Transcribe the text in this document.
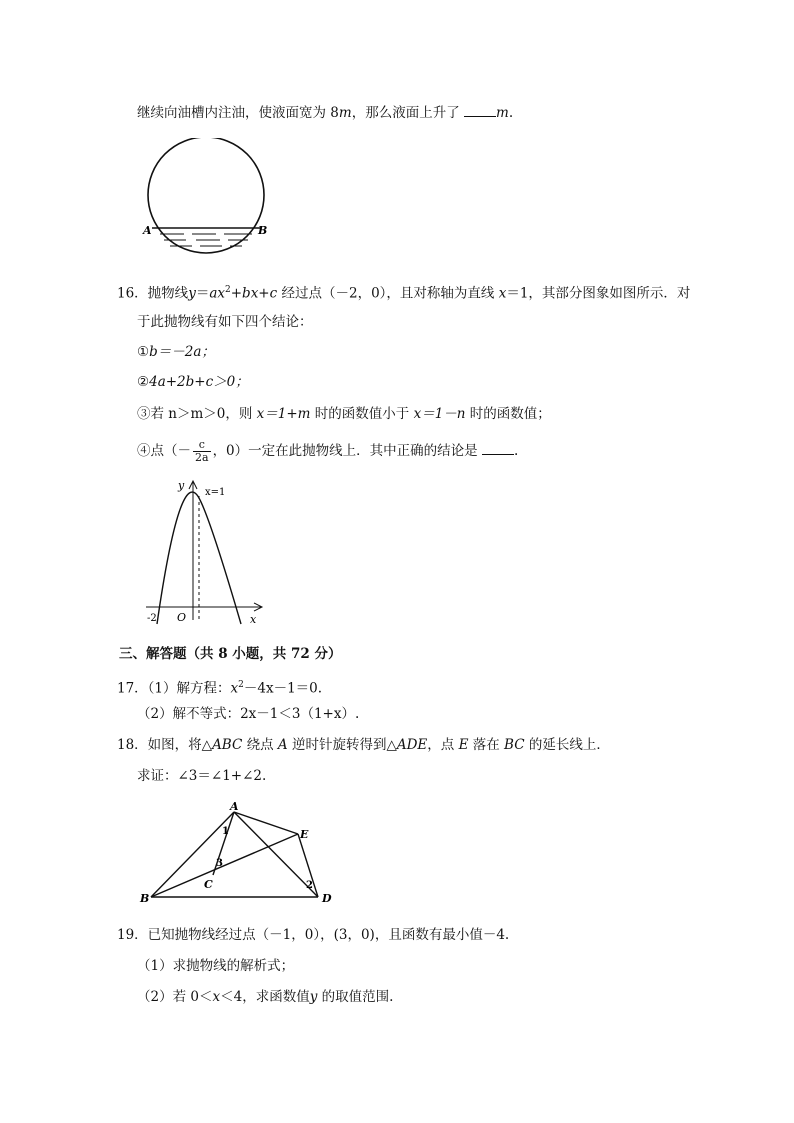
继续向油槽内注油，使液面宽为 8m，那么液面上升了 m.
A	B
16．抛物线$y=ax^2+bx+c$ 经过点（－2，0），且对称轴为直线 x＝1，其部分图象如图所示．对
于此抛物线有如下四个结论：
①b＝－2a；
②4a+2b+c＞0；
③若 n＞m＞0，则 x＝1+m 时的函数值小于 x＝1－n 时的函数值；
④点（－ $\frac{c}{2a}$ ，0）一定在此抛物线上．其中正确的结论是 .
y
x
x=1
O
-2
三、解答题（共 8 小题，共 72 分）
17．（1）解方程：$x^2-4x-1=0$.
（2）解不等式：2x－1＜3（1+x）.
18．如图，将△ABC 绕点 A 逆时针旋转得到△ADE，点 E 落在 BC 的延长线上．
求证：∠3＝∠1+∠2.
A
B
C
D
E
1
2
3
19．已知抛物线经过点（－1，0），(3，0)，且函数有最小值－4.
（1）求抛物线的解析式；
（2）若 0＜x＜4，求函数值y 的取值范围.
